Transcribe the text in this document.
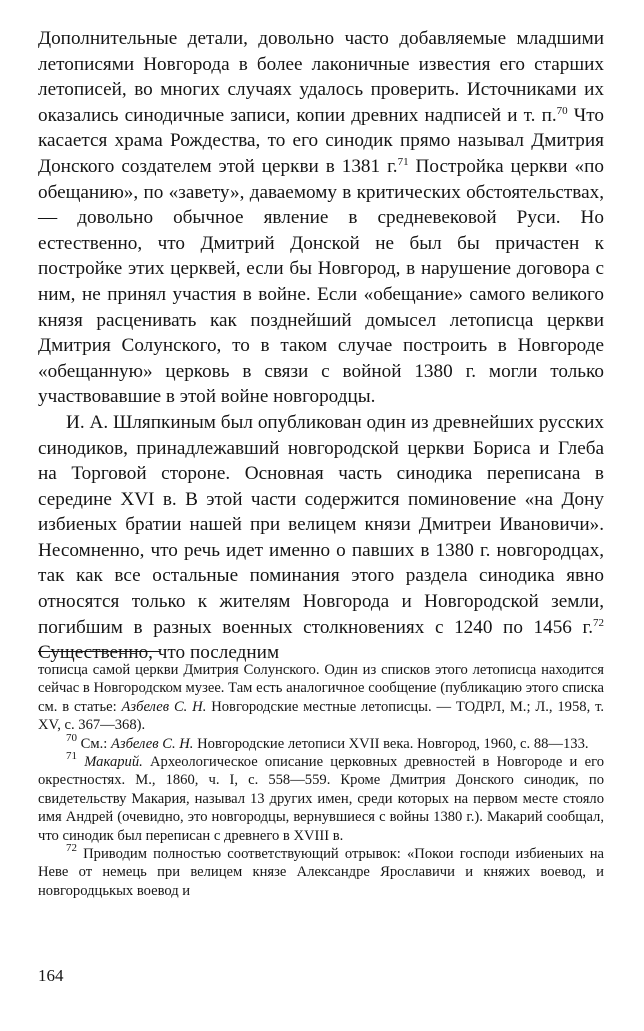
Дополнительные детали, довольно часто добавляемые младшими летописями Новгорода в более лаконичные известия его старших летописей, во многих случаях удалось проверить. Источниками их оказались синодичные записи, копии древних надписей и т. п.$^{70}$ Что касается храма Рождества, то его синодик прямо называл Дмитрия Донского создателем этой церкви в 1381 г.$^{71}$ Постройка церкви «по обещанию», по «завету», даваемому в критических обстоятельствах, — довольно обычное явление в средневековой Руси. Но естественно, что Дмитрий Донской не был бы причастен к постройке этих церквей, если бы Новгород, в нарушение договора с ним, не принял участия в войне. Если «обещание» самого великого князя расценивать как позднейший домысел летописца церкви Дмитрия Солунского, то в таком случае построить в Новгороде «обещанную» церковь в связи с войной 1380 г. могли только участвовавшие в этой войне новгородцы.

И. А. Шляпкиным был опубликован один из древнейших русских синодиков, принадлежавший новгородской церкви Бориса и Глеба на Торговой стороне. Основная часть синодика переписана в середине XVI в. В этой части содержится поминовение «на Дону избиеных братии нашей при велицем князи Дмитреи Ивановичи». Несомненно, что речь идет именно о павших в 1380 г. новгородцах, так как все остальные поминания этого раздела синодика явно относятся только к жителям Новгорода и Новгородской земли, погибшим в разных военных столкновениях с 1240 по 1456 г.$^{72}$ Существенно, что последним

тописца самой церкви Дмитрия Солунского. Один из списков этого летописца находится сейчас в Новгородском музее. Там есть аналогичное сообщение (публикацию этого списка см. в статье: Азбелев С. Н. Новгородские местные летописцы. — ТОДРЛ, М.; Л., 1958, т. XV, с. 367—368).

$^{70}$ См.: Азбелев С. Н. Новгородские летописи XVII века. Новгород, 1960, с. 88—133.

$^{71}$ Макарий. Археологическое описание церковных древностей в Новгороде и его окрестностях. М., 1860, ч. I, с. 558—559. Кроме Дмитрия Донского синодик, по свидетельству Макария, называл 13 других имен, среди которых на первом месте стояло имя Андрей (очевидно, это новгородцы, вернувшиеся с войны 1380 г.). Макарий сообщал, что синодик был переписан с древнего в XVIII в.

$^{72}$ Приводим полностью соответствующий отрывок: «Покои господи избиеныих на Неве от немець при велицем князе Александре Ярославичи и княжих воевод, и новгородцькых воевод и

164
